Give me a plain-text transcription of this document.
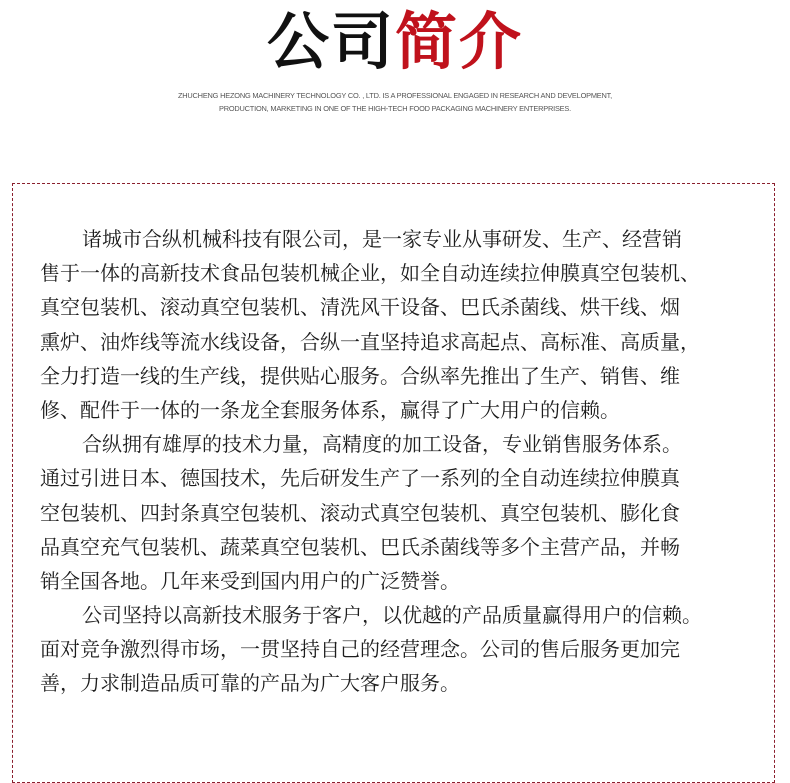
公司简介
ZHUCHENG HEZONG MACHINERY TECHNOLOGY CO. , LTD. IS A PROFESSIONAL ENGAGED IN RESEARCH AND DEVELOPMENT,
PRODUCTION, MARKETING IN ONE OF THE HIGH-TECH FOOD PACKAGING MACHINERY ENTERPRISES.
诸城市合纵机械科技有限公司，是一家专业从事研发、生产、经营销
售于一体的高新技术食品包装机械企业，如全自动连续拉伸膜真空包装机、
真空包装机、滚动真空包装机、清洗风干设备、巴氏杀菌线、烘干线、烟
熏炉、油炸线等流水线设备，合纵一直坚持追求高起点、高标准、高质量，
全力打造一线的生产线，提供贴心服务。合纵率先推出了生产、销售、维
修、配件于一体的一条龙全套服务体系，赢得了广大用户的信赖。
合纵拥有雄厚的技术力量，高精度的加工设备，专业销售服务体系。
通过引进日本、德国技术，先后研发生产了一系列的全自动连续拉伸膜真
空包装机、四封条真空包装机、滚动式真空包装机、真空包装机、膨化食
品真空充气包装机、蔬菜真空包装机、巴氏杀菌线等多个主营产品，并畅
销全国各地。几年来受到国内用户的广泛赞誉。
公司坚持以高新技术服务于客户，以优越的产品质量赢得用户的信赖。
面对竞争激烈得市场，一贯坚持自己的经营理念。公司的售后服务更加完
善，力求制造品质可靠的产品为广大客户服务。
